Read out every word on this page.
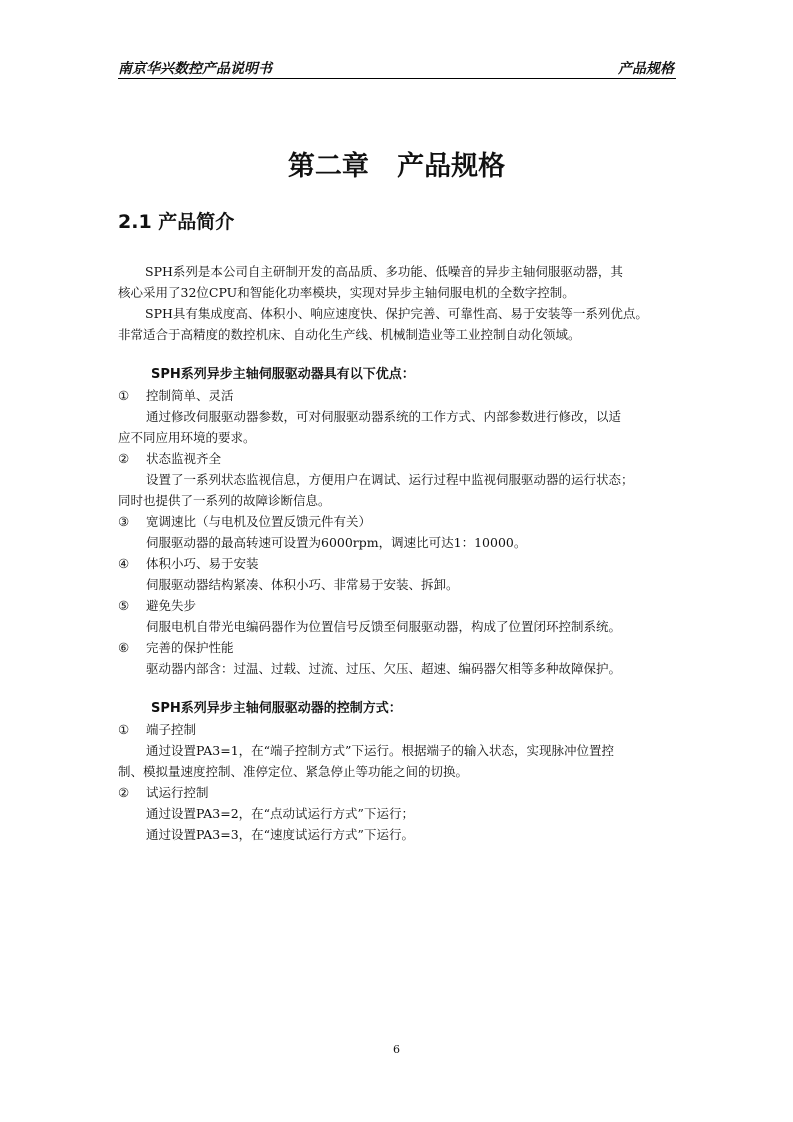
南京华兴数控产品说明书	产品规格
第二章   产品规格
2.1 产品简介

SPH系列是本公司自主研制开发的高品质、多功能、低噪音的异步主轴伺服驱动器，其
核心采用了32位CPU和智能化功率模块，实现对异步主轴伺服电机的全数字控制。

SPH具有集成度高、体积小、响应速度快、保护完善、可靠性高、易于安装等一系列优点。
非常适合于高精度的数控机床、自动化生产线、机械制造业等工业控制自动化领域。

SPH系列异步主轴伺服驱动器具有以下优点：

① 控制简单、灵活

通过修改伺服驱动器参数，可对伺服驱动器系统的工作方式、内部参数进行修改，以适
应不同应用环境的要求。

② 状态监视齐全

设置了一系列状态监视信息，方便用户在调试、运行过程中监视伺服驱动器的运行状态；
同时也提供了一系列的故障诊断信息。

③ 宽调速比（与电机及位置反馈元件有关）

伺服驱动器的最高转速可设置为6000rpm，调速比可达1：10000。

④ 体积小巧、易于安装

伺服驱动器结构紧凑、体积小巧、非常易于安装、拆卸。

⑤ 避免失步

伺服电机自带光电编码器作为位置信号反馈至伺服驱动器，构成了位置闭环控制系统。

⑥ 完善的保护性能

驱动器内部含：过温、过载、过流、过压、欠压、超速、编码器欠相等多种故障保护。

SPH系列异步主轴伺服驱动器的控制方式：

① 端子控制

通过设置PA3=1，在“端子控制方式”下运行。根据端子的输入状态，实现脉冲位置控
制、模拟量速度控制、准停定位、紧急停止等功能之间的切换。

② 试运行控制

通过设置PA3=2，在“点动试运行方式”下运行；
通过设置PA3=3，在“速度试运行方式”下运行。

6
